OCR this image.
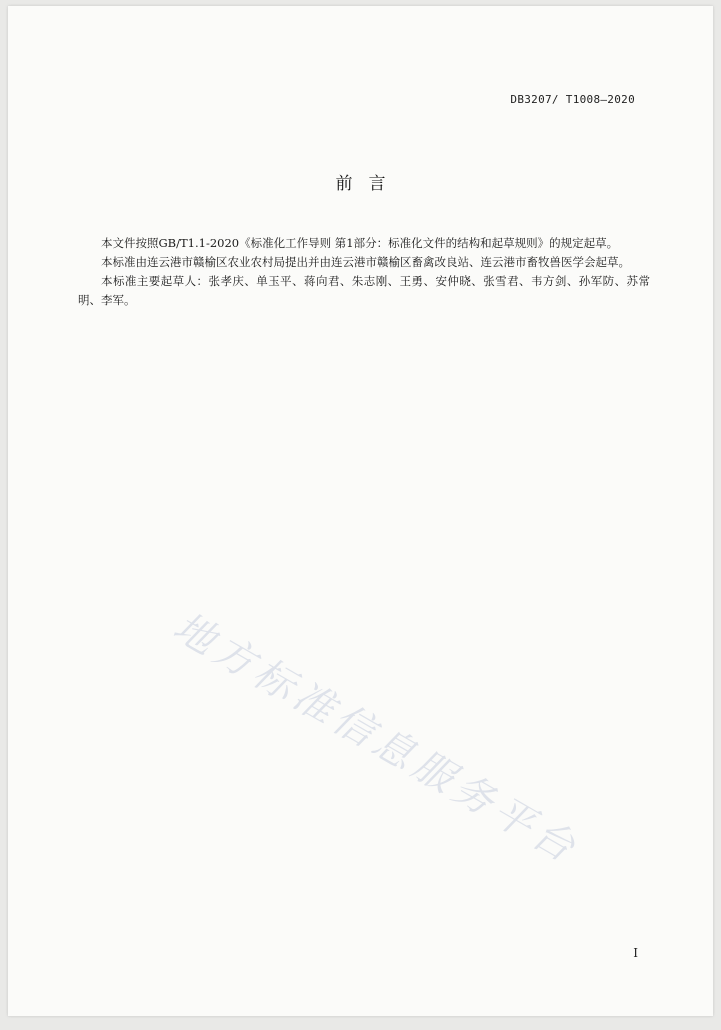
DB3207/ T1008—2020
前言

本文件按照GB/T1.1-2020《标准化工作导则 第1部分：标准化文件的结构和起草规则》的规定起草。

本标准由连云港市赣榆区农业农村局提出并由连云港市赣榆区畜禽改良站、连云港市畜牧兽医学会起草。

本标准主要起草人：张孝庆、单玉平、蒋向君、朱志刚、王勇、安仲晓、张雪君、韦方剑、孙军防、苏常明、李军。

地方标准信息服务平台
I
